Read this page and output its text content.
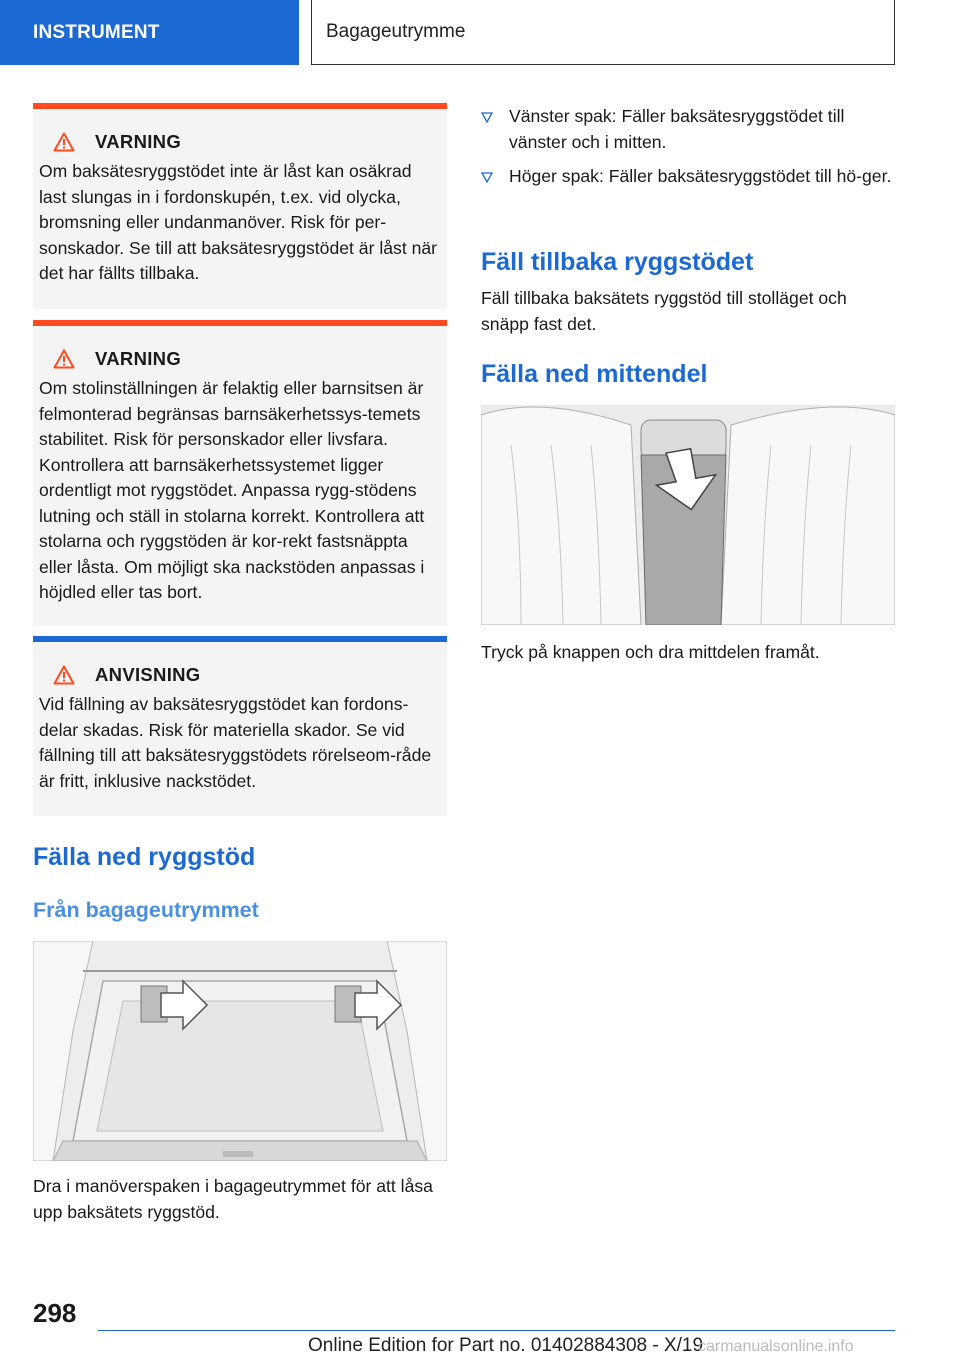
INSTRUMENT	Bagageutrymme
VARNING

Om baksätesryggstödet inte är låst kan osäkrad last slungas in i fordonskupén, t.ex. vid olycka, bromsning eller undanmanöver. Risk för per-sonskador. Se till att baksätesryggstödet är låst när det har fällts tillbaka.

VARNING

Om stolinställningen är felaktig eller barnsitsen är felmonterad begränsas barnsäkerhetssys-temets stabilitet. Risk för personskador eller livsfara. Kontrollera att barnsäkerhetssystemet ligger ordentligt mot ryggstödet. Anpassa rygg-stödens lutning och ställ in stolarna korrekt. Kontrollera att stolarna och ryggstöden är kor-rekt fastsnäppta eller låsta. Om möjligt ska nackstöden anpassas i höjdled eller tas bort.

ANVISNING

Vid fällning av baksätesryggstödet kan fordons-delar skadas. Risk för materiella skador. Se vid fällning till att baksätesryggstödets rörelseom-råde är fritt, inklusive nackstödet.

Fälla ned ryggstöd
Från bagageutrymmet

Dra i manöverspaken i bagageutrymmet för att låsa upp baksätets ryggstöd.

Vänster spak: Fäller baksätesryggstödet till vänster och i mitten.
Höger spak: Fäller baksätesryggstödet till hö-ger.
Fäll tillbaka ryggstödet

Fäll tillbaka baksätets ryggstöd till stolläget och snäpp fast det.

Fälla ned mittendel

Tryck på knappen och dra mittdelen framåt.

298
Online Edition for Part no. 01402884308 - X/19
carmanualsonline.info
